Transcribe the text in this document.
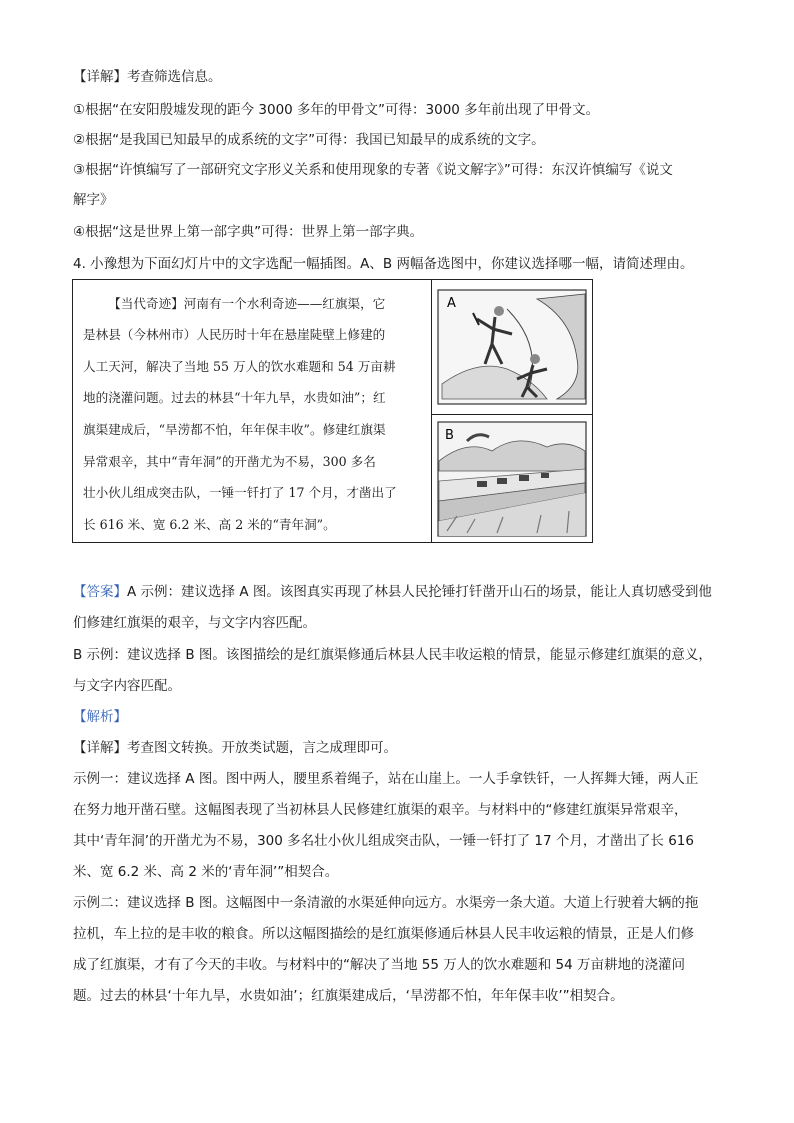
【详解】考查筛选信息。
①根据“在安阳殷墟发现的距今 3000 多年的甲骨文”可得：3000 多年前出现了甲骨文。
②根据“是我国已知最早的成系统的文字”可得：我国已知最早的成系统的文字。
③根据“许慎编写了一部研究文字形义关系和使用现象的专著《说文解字》”可得：东汉许慎编写《说文
解字》
④根据“这是世界上第一部字典”可得：世界上第一部字典。
4. 小豫想为下面幻灯片中的文字选配一幅插图。A、B 两幅备选图中，你建议选择哪一幅，请简述理由。
【当代奇迹】河南有一个水利奇迹——红旗渠，它
是林县（今林州市）人民历时十年在悬崖陡壁上修建的
人工天河，解决了当地 55 万人的饮水难题和 54 万亩耕
地的浇灌问题。过去的林县“十年九旱，水贵如油”；红
旗渠建成后，“旱涝都不怕，年年保丰收”。修建红旗渠
异常艰辛，其中“青年洞”的开凿尤为不易，300 多名
壮小伙儿组成突击队，一锤一钎打了 17 个月，才凿出了
长 616 米、宽 6.2 米、高 2 米的“青年洞”。

A

B
【答案】A 示例：建议选择 A 图。该图真实再现了林县人民抡锤打钎凿开山石的场景，能让人真切感受到他
们修建红旗渠的艰辛，与文字内容匹配。
B 示例：建议选择 B 图。该图描绘的是红旗渠修通后林县人民丰收运粮的情景，能显示修建红旗渠的意义，
与文字内容匹配。
【解析】
【详解】考查图文转换。开放类试题，言之成理即可。
示例一：建议选择 A 图。图中两人，腰里系着绳子，站在山崖上。一人手拿铁钎，一人挥舞大锤，两人正
在努力地开凿石壁。这幅图表现了当初林县人民修建红旗渠的艰辛。与材料中的“修建红旗渠异常艰辛，
其中‘青年洞’的开凿尤为不易，300 多名壮小伙儿组成突击队，一锤一钎打了 17 个月，才凿出了长 616
米、宽 6.2 米、高 2 米的‘青年洞’”相契合。
示例二：建议选择 B 图。这幅图中一条清澈的水渠延伸向远方。水渠旁一条大道。大道上行驶着大辆的拖
拉机，车上拉的是丰收的粮食。所以这幅图描绘的是红旗渠修通后林县人民丰收运粮的情景，正是人们修
成了红旗渠，才有了今天的丰收。与材料中的“解决了当地 55 万人的饮水难题和 54 万亩耕地的浇灌问
题。过去的林县‘十年九旱，水贵如油’；红旗渠建成后，‘旱涝都不怕，年年保丰收’”相契合。
